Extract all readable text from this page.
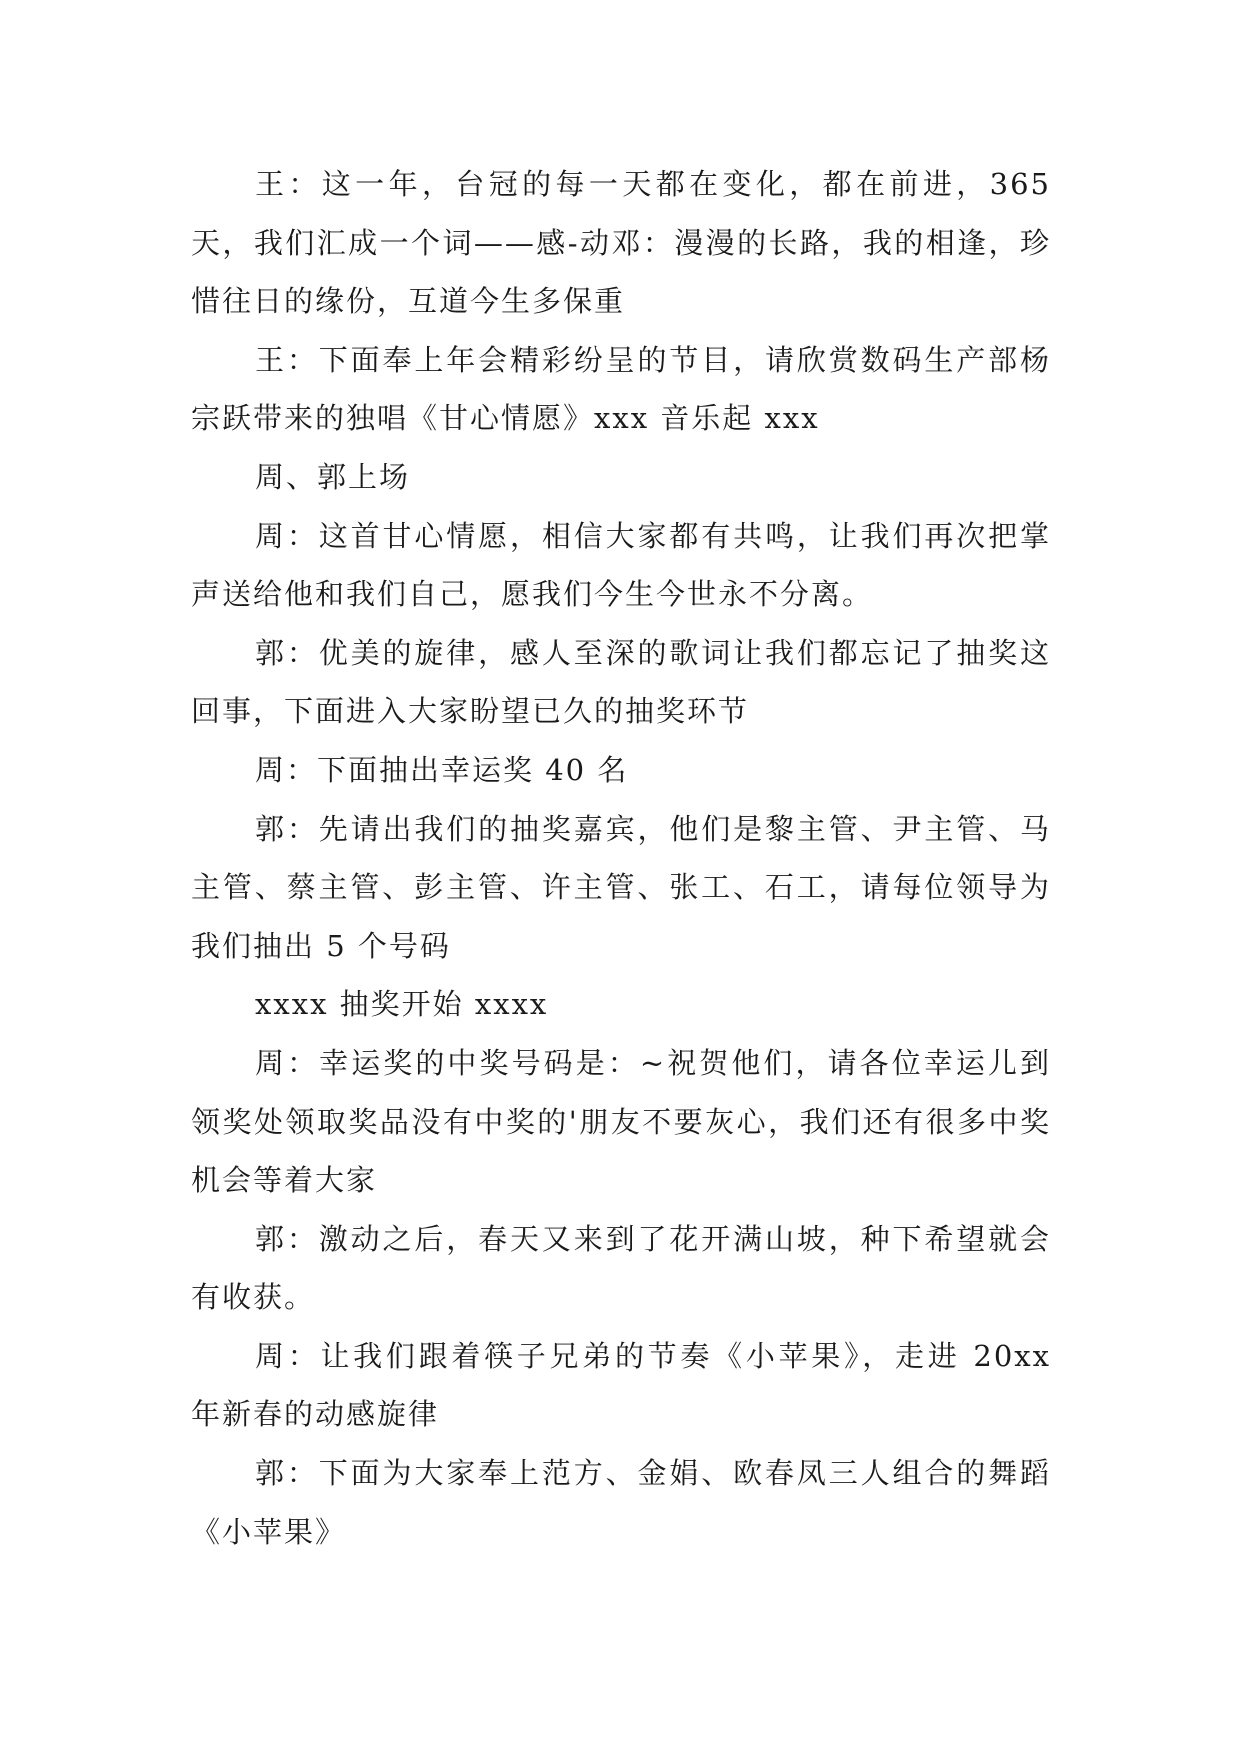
王：这一年，台冠的每一天都在变化，都在前进，365天，我们汇成一个词——感-动邓：漫漫的长路，我的相逢，珍惜往日的缘份，互道今生多保重

王：下面奉上年会精彩纷呈的节目，请欣赏数码生产部杨宗跃带来的独唱《甘心情愿》xxx 音乐起 xxx

周、郭上场

周：这首甘心情愿，相信大家都有共鸣，让我们再次把掌声送给他和我们自己，愿我们今生今世永不分离。

郭：优美的旋律，感人至深的歌词让我们都忘记了抽奖这回事，下面进入大家盼望已久的抽奖环节

周：下面抽出幸运奖 40 名

郭：先请出我们的抽奖嘉宾，他们是黎主管、尹主管、马主管、蔡主管、彭主管、许主管、张工、石工，请每位领导为我们抽出 5 个号码

xxxx 抽奖开始 xxxx

周：幸运奖的中奖号码是：~祝贺他们，请各位幸运儿到领奖处领取奖品没有中奖的'朋友不要灰心，我们还有很多中奖机会等着大家

郭：激动之后，春天又来到了花开满山坡，种下希望就会有收获。

周：让我们跟着筷子兄弟的节奏《小苹果》，走进 20xx 年新春的动感旋律

郭：下面为大家奉上范方、金娟、欧春凤三人组合的舞蹈《小苹果》
